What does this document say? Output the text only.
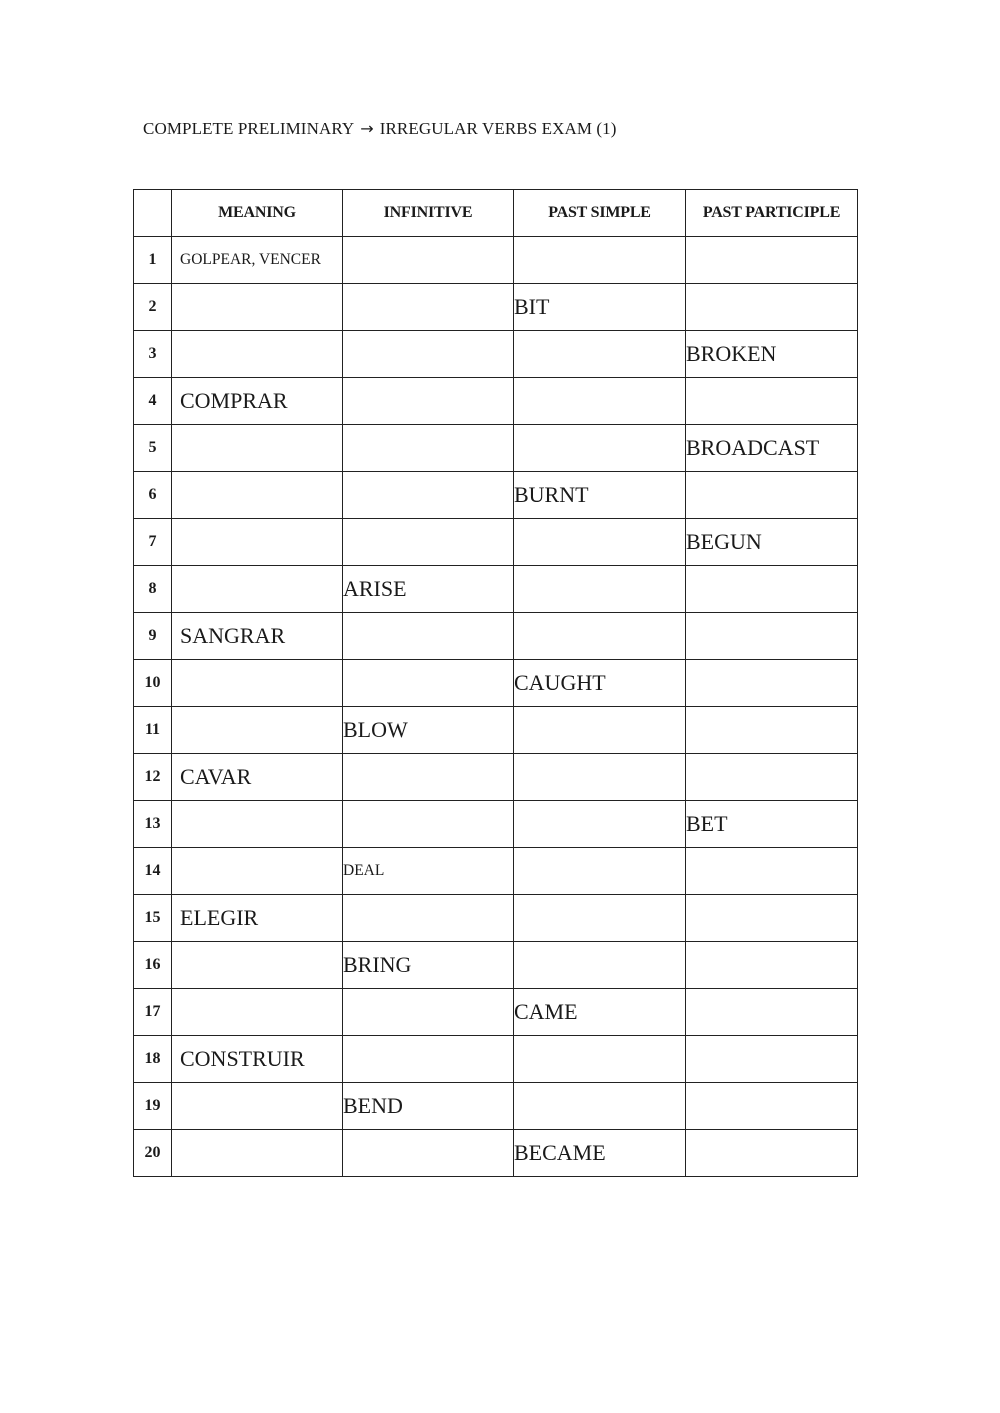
COMPLETE PRELIMINARY → IRREGULAR VERBS EXAM (1)
	MEANING	INFINITIVE	PAST SIMPLE	PAST PARTICIPLE
1	GOLPEAR, VENCER			
2			BIT	
3				BROKEN
4	COMPRAR			
5				BROADCAST
6			BURNT	
7				BEGUN
8		ARISE		
9	SANGRAR			
10			CAUGHT	
11		BLOW		
12	CAVAR			
13				BET
14		DEAL		
15	ELEGIR			
16		BRING		
17			CAME	
18	CONSTRUIR			
19		BEND		
20			BECAME	
